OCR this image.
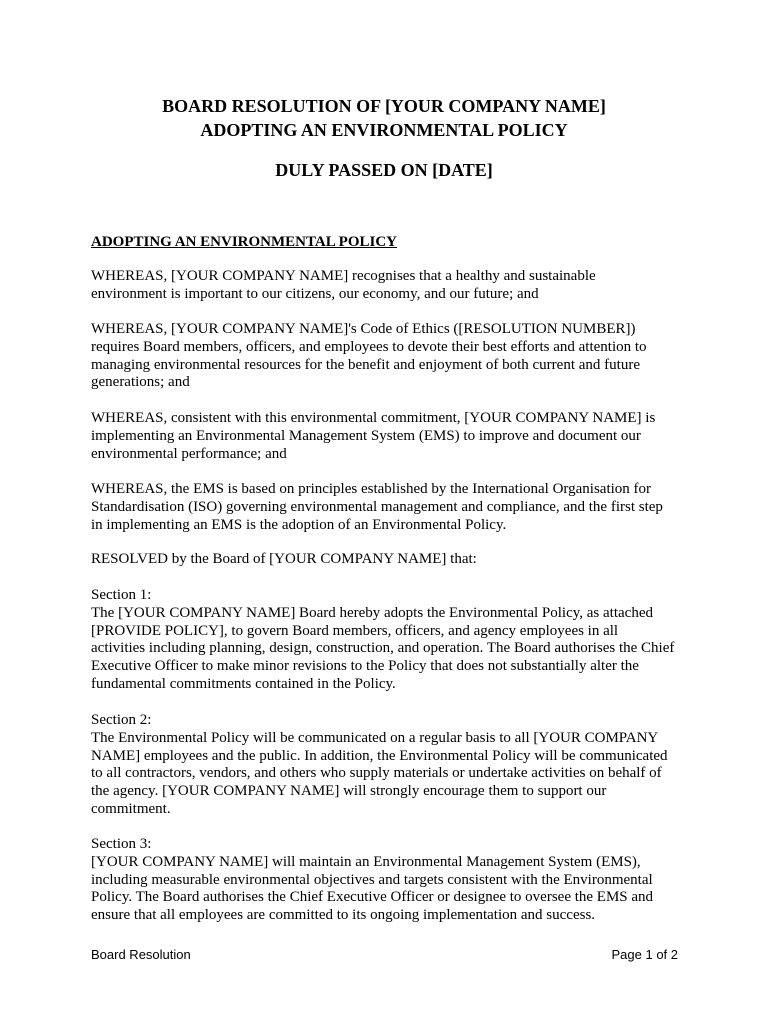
BOARD RESOLUTION OF [YOUR COMPANY NAME]

ADOPTING AN ENVIRONMENTAL POLICY

DULY PASSED ON [DATE]

ADOPTING AN ENVIRONMENTAL POLICY

WHEREAS, [YOUR COMPANY NAME] recognises that a healthy and sustainable
environment is important to our citizens, our economy, and our future; and

WHEREAS, [YOUR COMPANY NAME]'s Code of Ethics ([RESOLUTION NUMBER])
requires Board members, officers, and employees to devote their best efforts and attention to
managing environmental resources for the benefit and enjoyment of both current and future
generations; and

WHEREAS, consistent with this environmental commitment, [YOUR COMPANY NAME] is
implementing an Environmental Management System (EMS) to improve and document our
environmental performance; and

WHEREAS, the EMS is based on principles established by the International Organisation for
Standardisation (ISO) governing environmental management and compliance, and the first step
in implementing an EMS is the adoption of an Environmental Policy.

RESOLVED by the Board of [YOUR COMPANY NAME] that:

Section 1:
The [YOUR COMPANY NAME] Board hereby adopts the Environmental Policy, as attached
[PROVIDE POLICY], to govern Board members, officers, and agency employees in all
activities including planning, design, construction, and operation. The Board authorises the Chief
Executive Officer to make minor revisions to the Policy that does not substantially alter the
fundamental commitments contained in the Policy.

Section 2:
The Environmental Policy will be communicated on a regular basis to all [YOUR COMPANY
NAME] employees and the public. In addition, the Environmental Policy will be communicated
to all contractors, vendors, and others who supply materials or undertake activities on behalf of
the agency. [YOUR COMPANY NAME] will strongly encourage them to support our
commitment.

Section 3:
[YOUR COMPANY NAME] will maintain an Environmental Management System (EMS),
including measurable environmental objectives and targets consistent with the Environmental
Policy. The Board authorises the Chief Executive Officer or designee to oversee the EMS and
ensure that all employees are committed to its ongoing implementation and success.

Board Resolution	Page 1 of 2
